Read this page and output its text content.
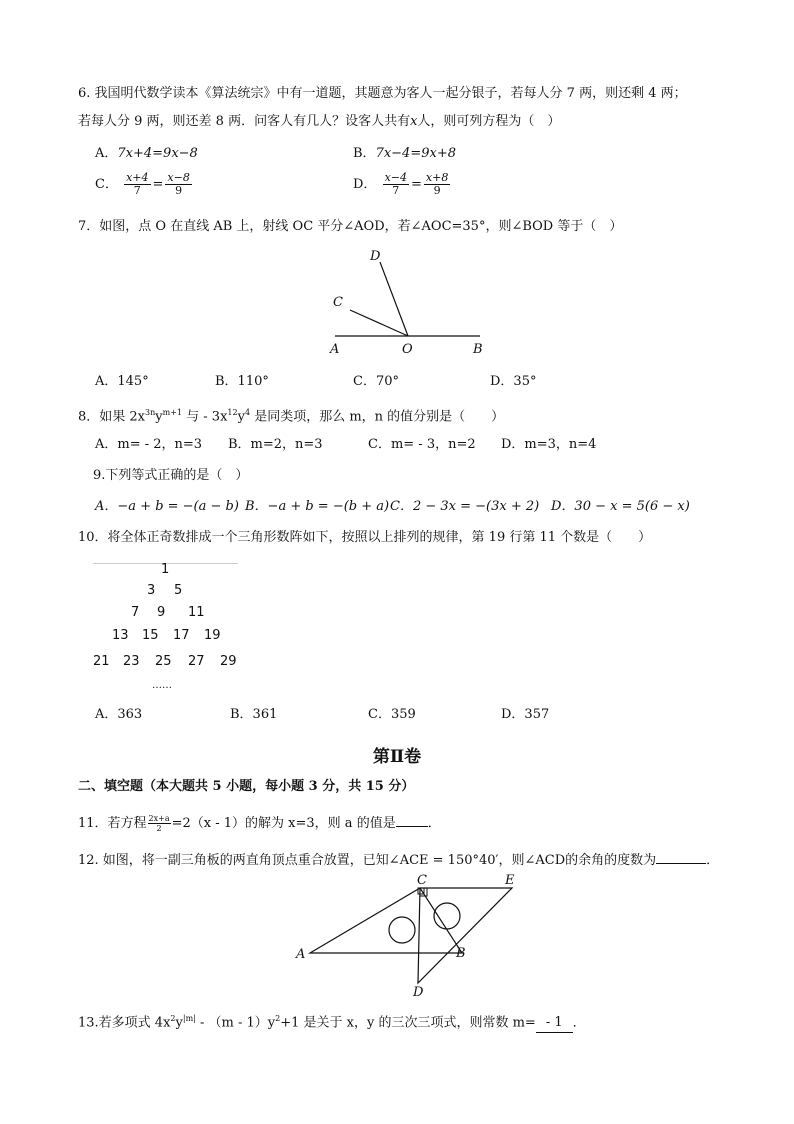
6. 我国明代数学读本《算法统宗》中有一道题，其题意为客人一起分银子，若每人分 7 两，则还剩 4 两；
若每人分 9 两，则还差 8 两．问客人有几人？设客人共有x人，则可列方程为（　）
A．7x+4=9x−8	B．7x−4=9x+8
C． $\frac{x+4}{7} = \frac{x-8}{9}$	D． $\frac{x-4}{7} = \frac{x+8}{9}$
7．如图，点 O 在直线 AB 上，射线 OC 平分∠AOD，若∠AOC=35°，则∠BOD 等于（　）
D
C
A	O	B
A．145°	B．110°	C．70°	D．35°
8．如果 $2x^{3n}y^{m+1}$ 与 - $3x^{12}y^4$ 是同类项，那么 m，n 的值分别是（　　）
A．m= - 2，n=3 B．m=2，n=3	C．m= - 3，n=2 D．m=3，n=4
9.下列等式正确的是（　）
A．−a + b = −(a − b) B．−a + b = −(b + a) C．2 − 3x = −(3x + 2) D．30 − x = 5(6 − x)
10．将全体正奇数排成一个三角形数阵如下，按照以上排列的规律，第 19 行第 11 个数是（　　）
1
3 5
7 9 11
13 15 17 19
21 23 25 27 29
……
A．363	B．361	C．359	D．357
第Ⅱ卷
二、填空题（本大题共 5 小题，每小题 3 分，共 15 分）
11．若方程 $\frac{2x+a}{2} =2(x - 1)$的解为 x=3，则 a 的值是 ．
12. 如图，将一副三角板的两直角顶点重合放置，已知∠ACE = 150°40′，则∠ACD的余角的度数为	．
C	E
A	B
D
13.若多项式 $4x^2y^{|m|} - (m - 1)y^2+1$ 是关于 x，y 的三次三项式，则常数 m=- 1．
